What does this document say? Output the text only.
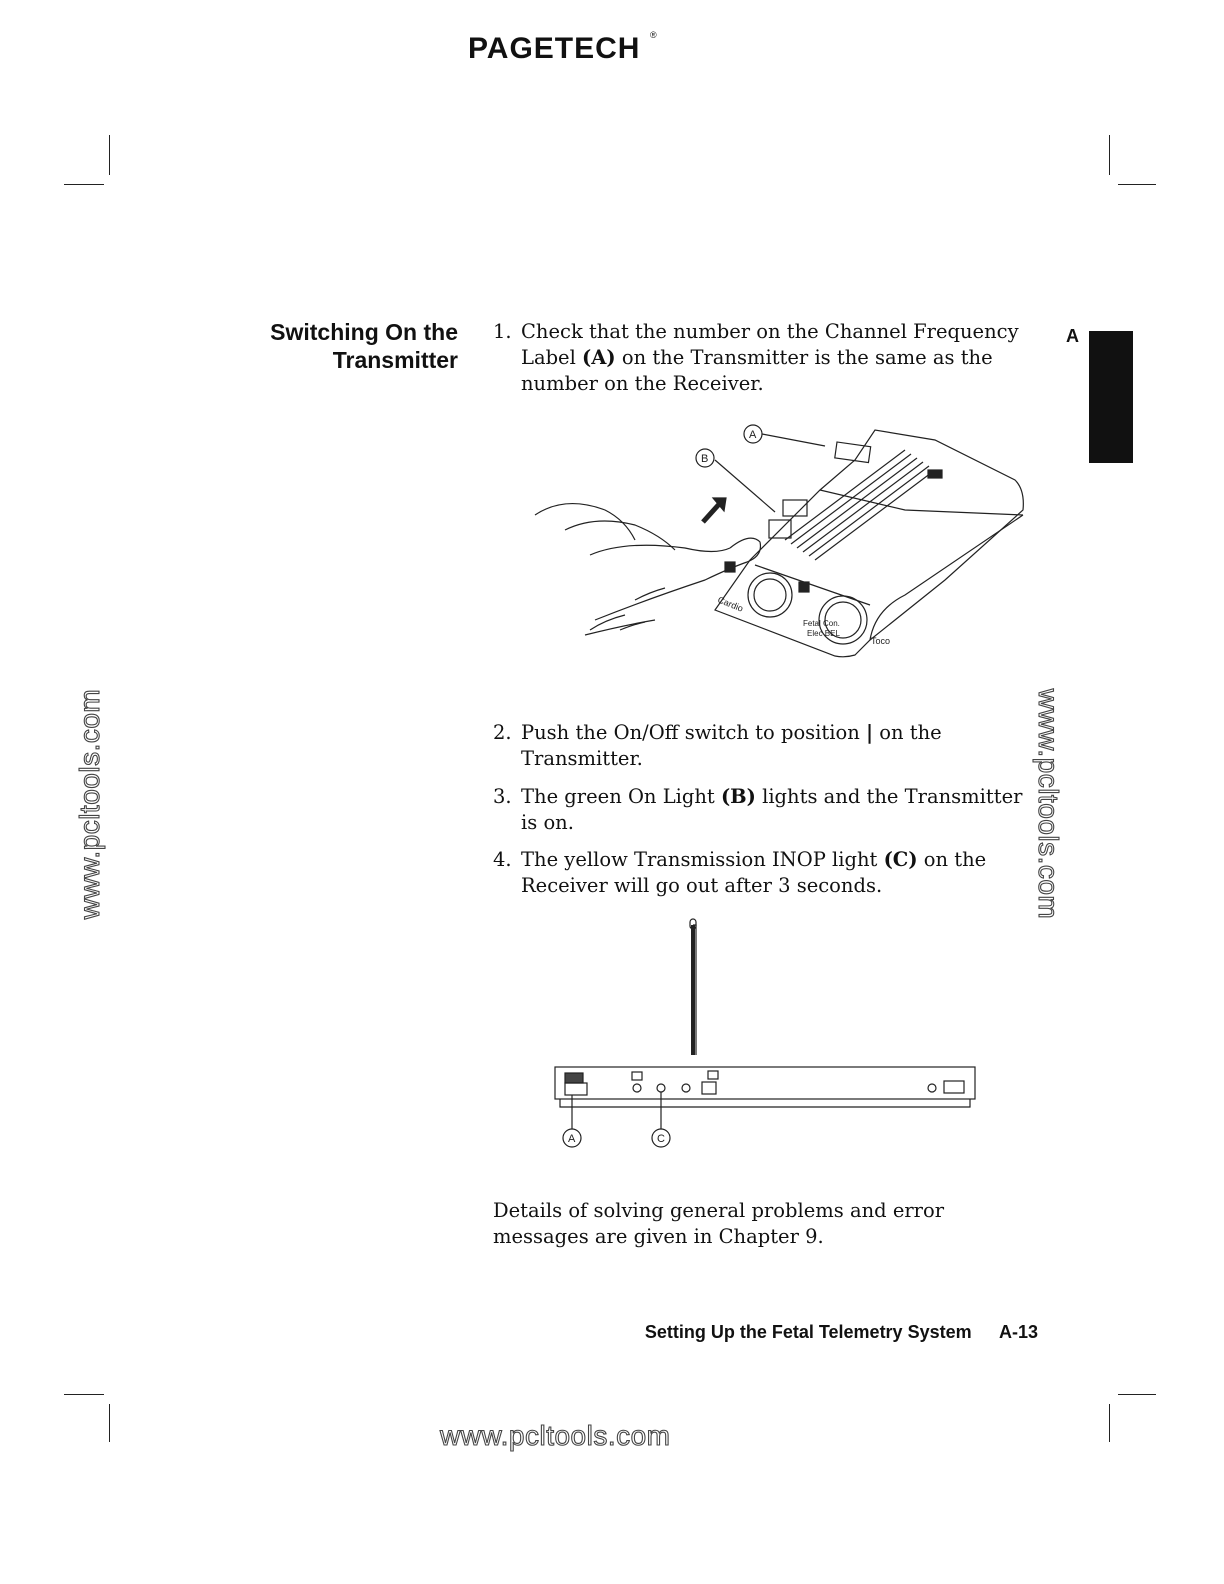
PAGETECH ®
Switching On the
Transmitter
A
1. Check that the number on the Channel Frequency Label (A) on the Transmitter is the same as the number on the Receiver.
A
B
Cardio
Fetal Con.
Elec BEL
Toco
2. Push the On/Off switch to position | on the Transmitter.
3. The green On Light (B) lights and the Transmitter is on.
4. The yellow Transmission INOP light (C) on the Receiver will go out after 3 seconds.
A	C
Details of solving general problems and error messages are given in Chapter 9.
Setting Up the Fetal Telemetry System A-13
www.pcltools.com	www.pcltools.com
www.pcltools.com
